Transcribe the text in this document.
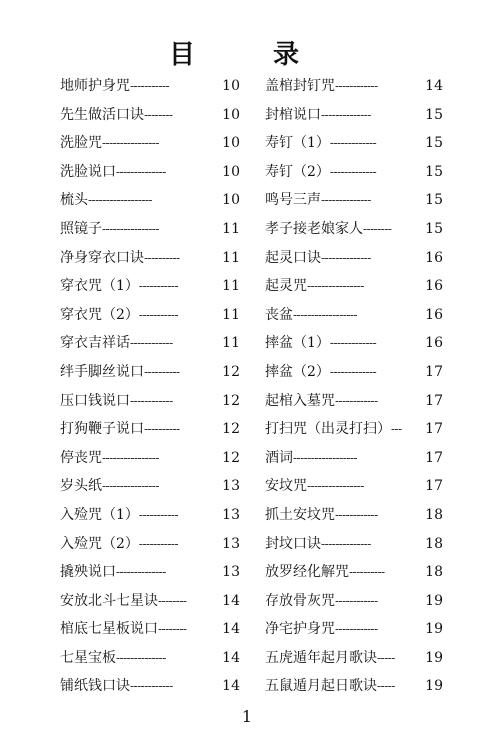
目　录
地师护身咒 -----------	10
先生做活口诀 --------	10
洗脸咒 ----------------	10
洗脸说口 --------------	10
梳头 ------------------	10
照镜子 ----------------	11
净身穿衣口诀 ----------	11
穿衣咒（1） -----------	11
穿衣咒（2） -----------	11
穿衣吉祥话 ------------	11
绊手脚丝说口 ----------	12
压口钱说口 ------------	12
打狗鞭子说口 ----------	12
停丧咒 ----------------	12
岁头纸 ----------------	13
入殓咒（1） -----------	13
入殓咒（2） -----------	13
撬殃说口 --------------	13
安放北斗七星诀 --------	14
棺底七星板说口 --------	14
七星宝板 --------------	14
铺纸钱口诀 ------------	14
盖棺封钉咒 ------------	14
封棺说口 --------------	15
寿钉（1） -------------	15
寿钉（2） -------------	15
鸣号三声 --------------	15
孝子接老娘家人 --------	15
起灵口诀 --------------	16
起灵咒 ----------------	16
丧盆 ------------------	16
摔盆（1） -------------	16
摔盆（2） -------------	17
起棺入墓咒 ------------	17
打扫咒（出灵打扫） ---	17
酒词 ------------------	17
安坟咒 ----------------	17
抓土安坟咒 ------------	18
封坟口诀 --------------	18
放罗经化解咒 ----------	18
存放骨灰咒 ------------	19
净宅护身咒 ------------	19
五虎遁年起月歌诀 -----	19
五鼠遁月起日歌诀 -----	19
1
